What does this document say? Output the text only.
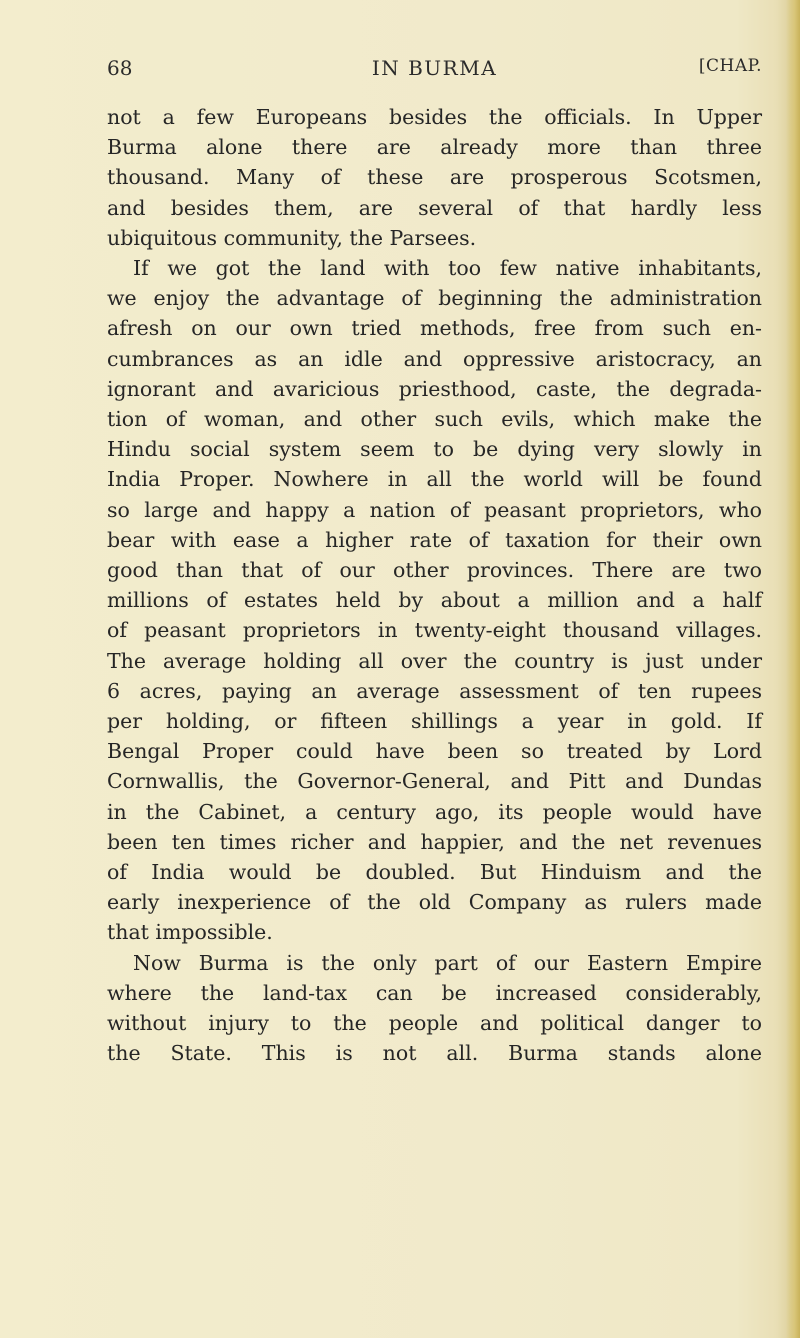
68	IN BURMA	[CHAP.

not a few Europeans besides the officials. In Upper

Burma alone there are already more than three

thousand. Many of these are prosperous Scotsmen,

and besides them, are several of that hardly less

ubiquitous community, the Parsees.

If we got the land with too few native inhabitants,

we enjoy the advantage of beginning the administration

afresh on our own tried methods, free from such en-

cumbrances as an idle and oppressive aristocracy, an

ignorant and avaricious priesthood, caste, the degrada-

tion of woman, and other such evils, which make the

Hindu social system seem to be dying very slowly in

India Proper. Nowhere in all the world will be found

so large and happy a nation of peasant proprietors, who

bear with ease a higher rate of taxation for their own

good than that of our other provinces. There are two

millions of estates held by about a million and a half

of peasant proprietors in twenty-eight thousand villages.

The average holding all over the country is just under

6 acres, paying an average assessment of ten rupees

per holding, or fifteen shillings a year in gold. If

Bengal Proper could have been so treated by Lord

Cornwallis, the Governor-General, and Pitt and Dundas

in the Cabinet, a century ago, its people would have

been ten times richer and happier, and the net revenues

of India would be doubled. But Hinduism and the

early inexperience of the old Company as rulers made

that impossible.

Now Burma is the only part of our Eastern Empire

where the land-tax can be increased considerably,

without injury to the people and political danger to

the State. This is not all. Burma stands alone
